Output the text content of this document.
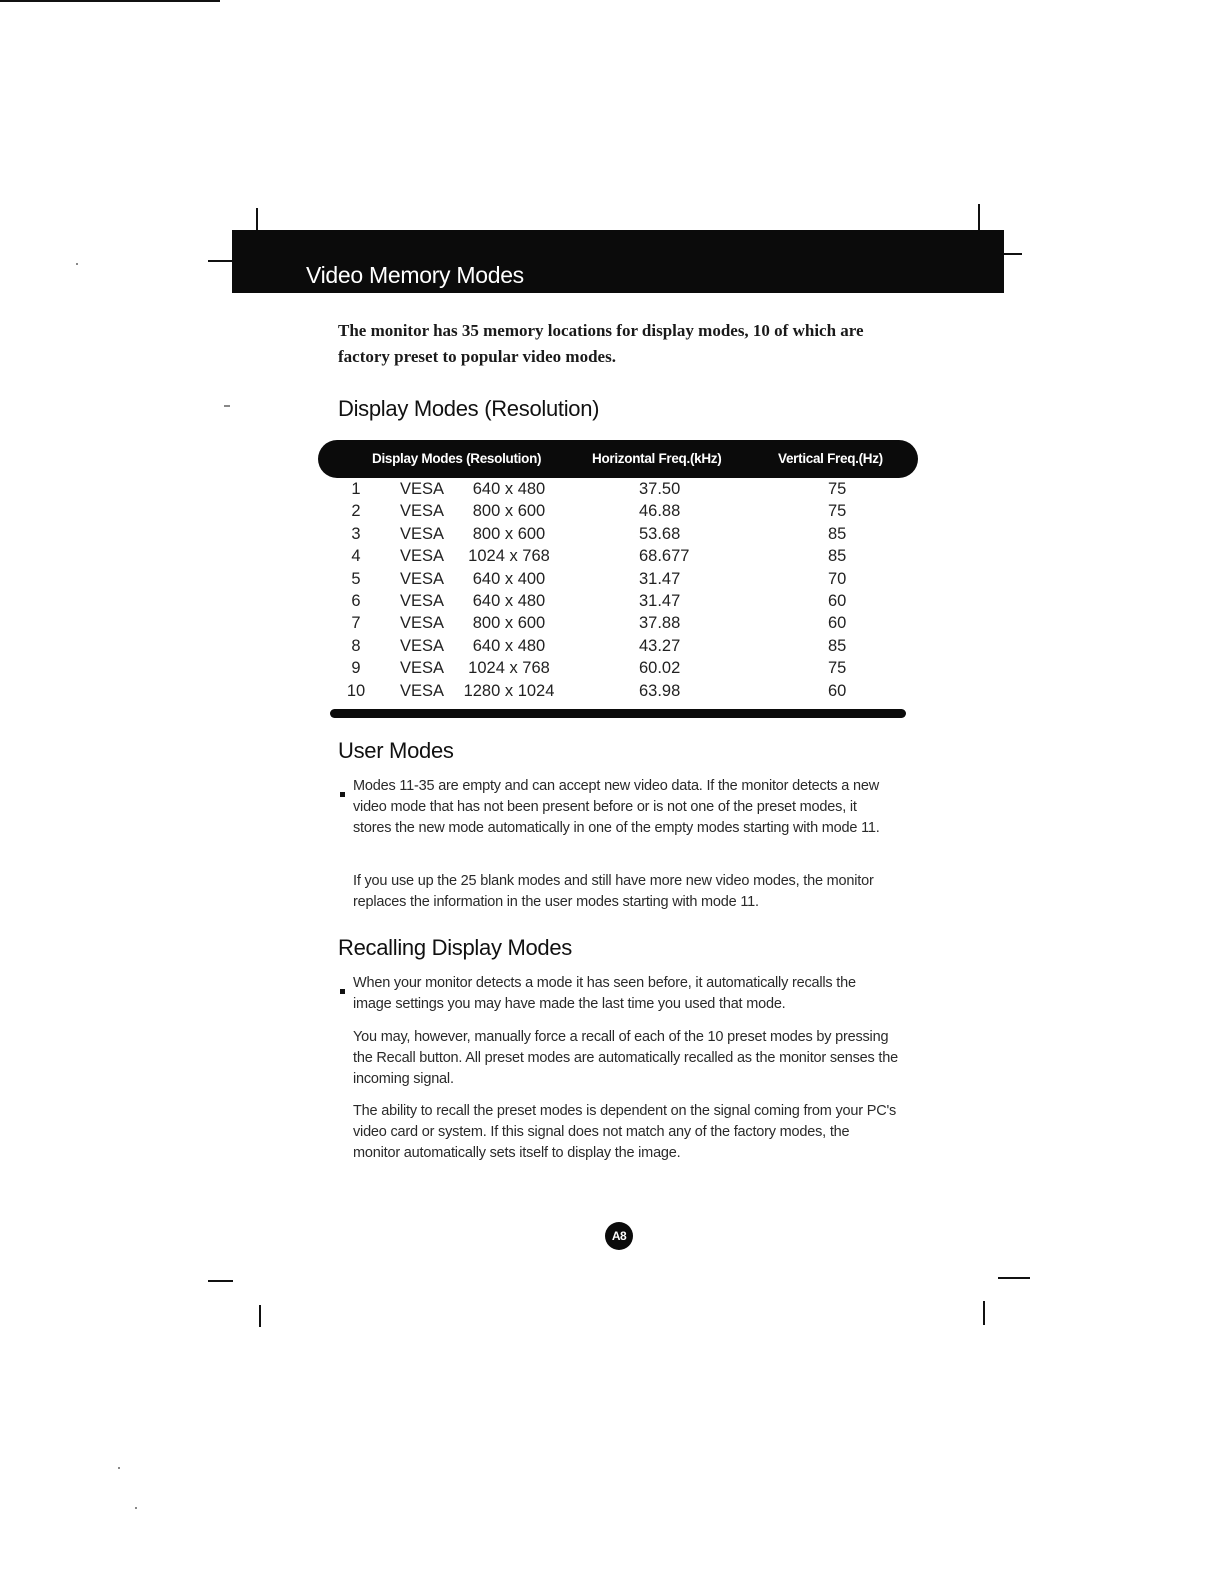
Video Memory Modes
The monitor has 35 memory locations for display modes, 10 of which are factory preset to popular video modes.
Display Modes (Resolution)
Display Modes (Resolution)	Horizontal Freq.(kHz)	Vertical Freq.(Hz)
1	VESA	640 x 480	37.50	75
2	VESA	800 x 600	46.88	75
3	VESA	800 x 600	53.68	85
4	VESA	1024 x 768	68.677	85
5	VESA	640 x 400	31.47	70
6	VESA	640 x 480	31.47	60
7	VESA	800 x 600	37.88	60
8	VESA	640 x 480	43.27	85
9	VESA	1024 x 768	60.02	75
10	VESA	1280 x 1024	63.98	60
User Modes
Modes 11-35 are empty and can accept new video data. If the monitor detects a new video mode that has not been present before or is not one of the preset modes, it stores the new mode automatically in one of the empty modes starting with mode 11.
If you use up the 25 blank modes and still have more new video modes, the monitor replaces the information in the user modes starting with mode 11.
Recalling Display Modes
When your monitor detects a mode it has seen before, it automatically recalls the image settings you may have made the last time you used that mode.
You may, however, manually force a recall of each of the 10 preset modes by pressing the Recall button. All preset modes are automatically recalled as the monitor senses the incoming signal.
The ability to recall the preset modes is dependent on the signal coming from your PC's video card or system. If this signal does not match any of the factory modes, the monitor automatically sets itself to display the image.
A8
